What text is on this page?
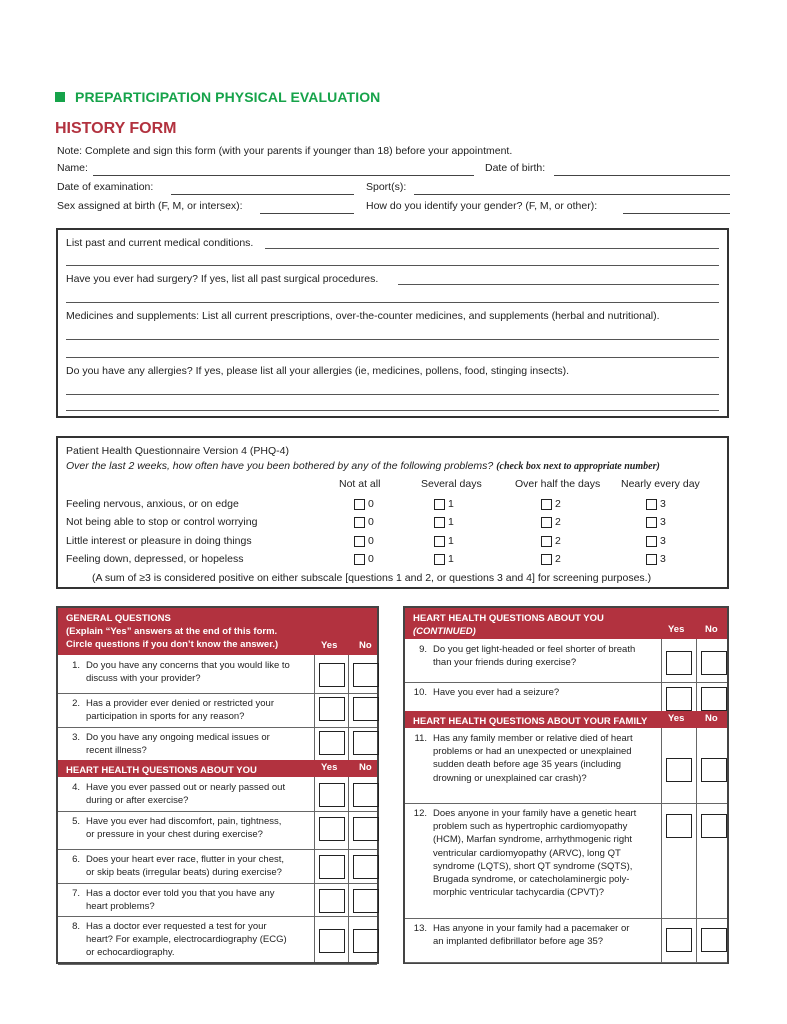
PREPARTICIPATION PHYSICAL EVALUATION
HISTORY FORM
Note: Complete and sign this form (with your parents if younger than 18) before your appointment.
Name:	Date of birth:
Date of examination:	Sport(s):
Sex assigned at birth (F, M, or intersex):	How do you identify your gender? (F, M, or other):
List past and current medical conditions.
Have you ever had surgery? If yes, list all past surgical procedures.
Medicines and supplements: List all current prescriptions, over-the-counter medicines, and supplements (herbal and nutritional).
Do you have any allergies? If yes, please list all your allergies (ie, medicines, pollens, food, stinging insects).
Patient Health Questionnaire Version 4 (PHQ-4)
Over the last 2 weeks, how often have you been bothered by any of the following problems? (check box next to appropriate number)
Not at all	Several days	Over half the days Nearly every day
Feeling nervous, anxious, or on edge	0	1	2	3
Not being able to stop or control worrying	0	1	2	3
Little interest or pleasure in doing things	0	1	2	3
Feeling down, depressed, or hopeless	0	1	2	3
(A sum of ≥3 is considered positive on either subscale [questions 1 and 2, or questions 3 and 4] for screening purposes.)
GENERAL QUESTIONS
(Explain “Yes” answers at the end of this form.
Circle questions if you don’t know the answer.)	Yes No
1. Do you have any concerns that you would like to
discuss with your provider?
2. Has a provider ever denied or restricted your
participation in sports for any reason?
3. Do you have any ongoing medical issues or
recent illness?
HEART HEALTH QUESTIONS ABOUT YOU	Yes No
4. Have you ever passed out or nearly passed out
during or after exercise?
5. Have you ever had discomfort, pain, tightness,
or pressure in your chest during exercise?
6. Does your heart ever race, flutter in your chest,
or skip beats (irregular beats) during exercise?
7. Has a doctor ever told you that you have any
heart problems?
8. Has a doctor ever requested a test for your
heart? For example, electrocardiography (ECG)
or echocardiography.
HEART HEALTH QUESTIONS ABOUT YOU
(CONTINUED)	Yes No
9. Do you get light-headed or feel shorter of breath
than your friends during exercise?
10. Have you ever had a seizure?
HEART HEALTH QUESTIONS ABOUT YOUR FAMILY Yes No
11. Has any family member or relative died of heart
problems or had an unexpected or unexplained
sudden death before age 35 years (including
drowning or unexplained car crash)?
12. Does anyone in your family have a genetic heart
problem such as hypertrophic cardiomyopathy
(HCM), Marfan syndrome, arrhythmogenic right
ventricular cardiomyopathy (ARVC), long QT
syndrome (LQTS), short QT syndrome (SQTS),
Brugada syndrome, or catecholaminergic poly-
morphic ventricular tachycardia (CPVT)?
13. Has anyone in your family had a pacemaker or
an implanted defibrillator before age 35?
